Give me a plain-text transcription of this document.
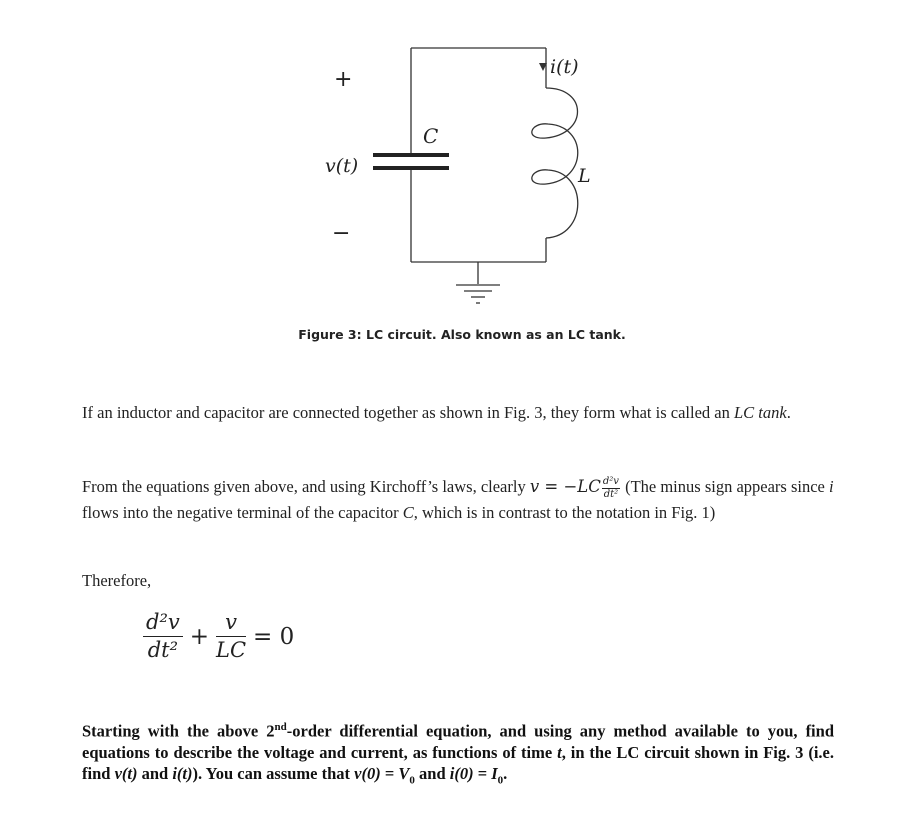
+
−
v(t)
i(t)
C
L
Figure 3: LC circuit. Also known as an LC tank.
If an inductor and capacitor are connected together as shown in Fig. 3, they form what is called an LC tank.
From the equations given above, and using Kirchoff’s laws, clearly $v = -LC \frac{\text{d²v}}{\text{dt²}} (The$ minus sign appears since i flows into the negative terminal of the capacitor C, which is in contrast to the notation in Fig. 1)
Therefore,
$\frac{\text{d²v}}{\text{dt²}} + \frac{v}{LC} = 0$
Starting with the above 2nd-order differential equation, and using any method available to you, find equations to describe the voltage and current, as functions of time t, in the LC circuit shown in Fig. 3 (i.e. find v(t) and i(t)). You can assume that $v(0) = V_0$ and $i(0) = I_0$.
